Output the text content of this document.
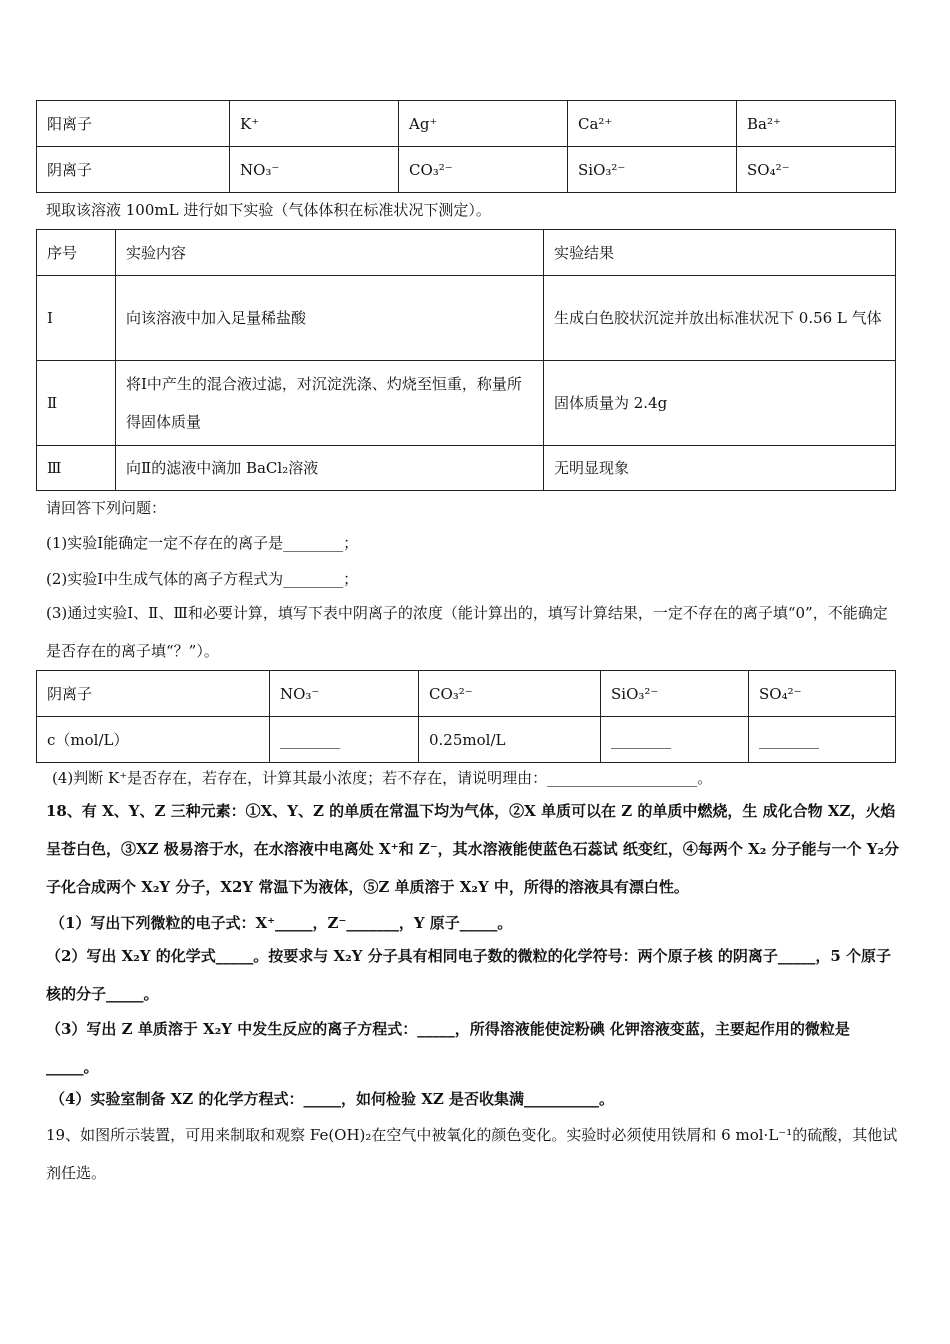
阳离子	K⁺	Ag⁺	Ca²⁺	Ba²⁺
阴离子	NO₃⁻	CO₃²⁻	SiO₃²⁻	SO₄²⁻
现取该溶液 100mL 进行如下实验（气体体积在标准状况下测定）。
序号	实验内容	实验结果
Ⅰ	向该溶液中加入足量稀盐酸	生成白色胶状沉淀并放出标准状况下 0.56 L 气体
Ⅱ	将Ⅰ中产生的混合液过滤，对沉淀洗涤、灼烧至恒重，称量所得固体质量	固体质量为 2.4g
Ⅲ	向Ⅱ的滤液中滴加 BaCl₂溶液	无明显现象
请回答下列问题：
(1)实验Ⅰ能确定一定不存在的离子是________；
(2)实验Ⅰ中生成气体的离子方程式为________；
(3)通过实验Ⅰ、Ⅱ、Ⅲ和必要计算，填写下表中阴离子的浓度（能计算出的，填写计算结果，一定不存在的离子填“0”，不能确定是否存在的离子填“？”）。
阴离子	NO₃⁻	CO₃²⁻	SiO₃²⁻	SO₄²⁻
c（mol/L）	________	0.25mol/L	________	________
(4)判断 K⁺是否存在，若存在，计算其最小浓度；若不存在，请说明理由：____________________。
18、有 X、Y、Z 三种元素：①X、Y、Z 的单质在常温下均为气体，②X 单质可以在 Z 的单质中燃烧，生 成化合物 XZ，火焰呈苍白色，③XZ 极易溶于水，在水溶液中电离处 X⁺和 Z⁻，其水溶液能使蓝色石蕊试 纸变红，④每两个 X₂ 分子能与一个 Y₂分子化合成两个 X₂Y 分子，X2Y 常温下为液体，⑤Z 单质溶于 X₂Y 中，所得的溶液具有漂白性。
（1）写出下列微粒的电子式：X⁺_____，Z⁻_______，Y 原子_____。
（2）写出 X₂Y 的化学式_____。按要求与 X₂Y 分子具有相同电子数的微粒的化学符号：两个原子核 的阴离子_____，5 个原子核的分子_____。
（3）写出 Z 单质溶于 X₂Y 中发生反应的离子方程式：_____，所得溶液能使淀粉碘 化钾溶液变蓝，主要起作用的微粒是_____。
（4）实验室制备 XZ 的化学方程式：_____，如何检验 XZ 是否收集满__________。
19、如图所示装置，可用来制取和观察 Fe(OH)₂在空气中被氧化的颜色变化。实验时必须使用铁屑和 6 mol·L⁻¹的硫酸，其他试剂任选。
